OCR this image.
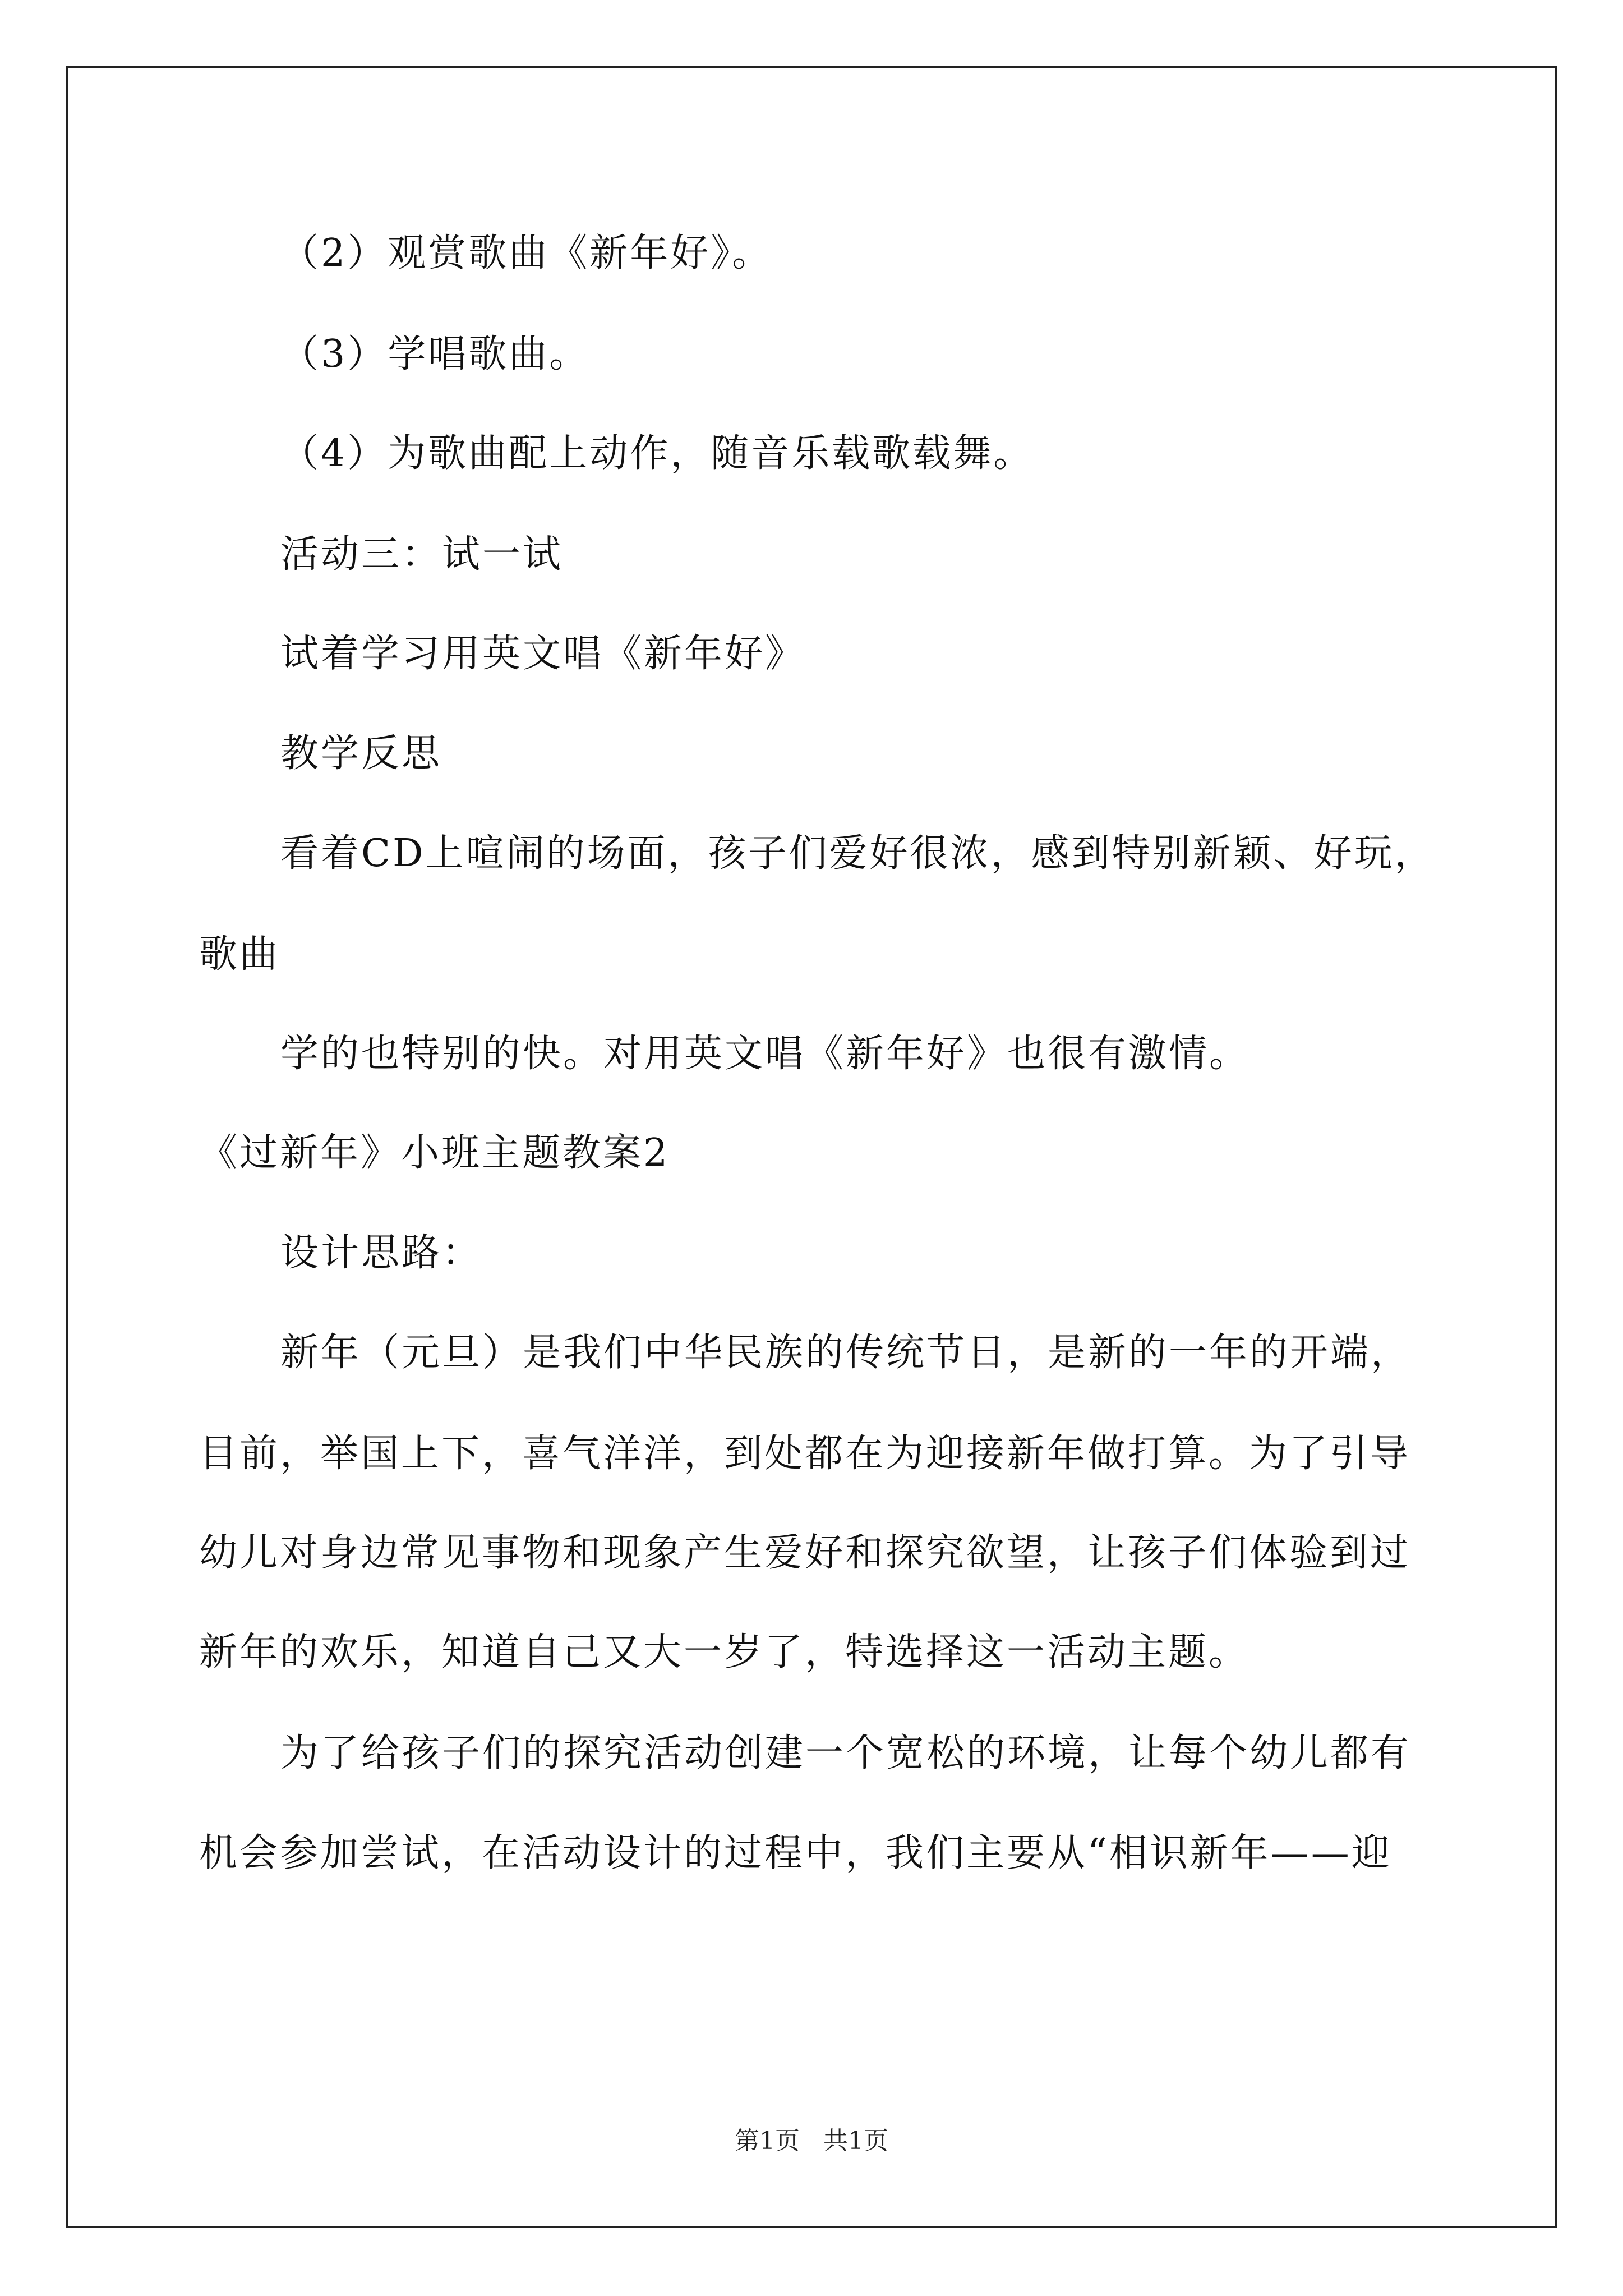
（2）观赏歌曲《新年好》。
（3）学唱歌曲。
（4）为歌曲配上动作，随音乐载歌载舞。
活动三：试一试
试着学习用英文唱《新年好》
教学反思
看着CD上喧闹的场面，孩子们爱好很浓，感到特别新颖、好玩，
歌曲
学的也特别的快。对用英文唱《新年好》也很有激情。
《过新年》小班主题教案2
设计思路：
新年（元旦）是我们中华民族的传统节日，是新的一年的开端，
目前，举国上下，喜气洋洋，到处都在为迎接新年做打算。为了引导
幼儿对身边常见事物和现象产生爱好和探究欲望，让孩子们体验到过
新年的欢乐，知道自己又大一岁了，特选择这一活动主题。
为了给孩子们的探究活动创建一个宽松的环境，让每个幼儿都有
机会参加尝试，在活动设计的过程中，我们主要从“相识新年——迎
第1页   共1页
